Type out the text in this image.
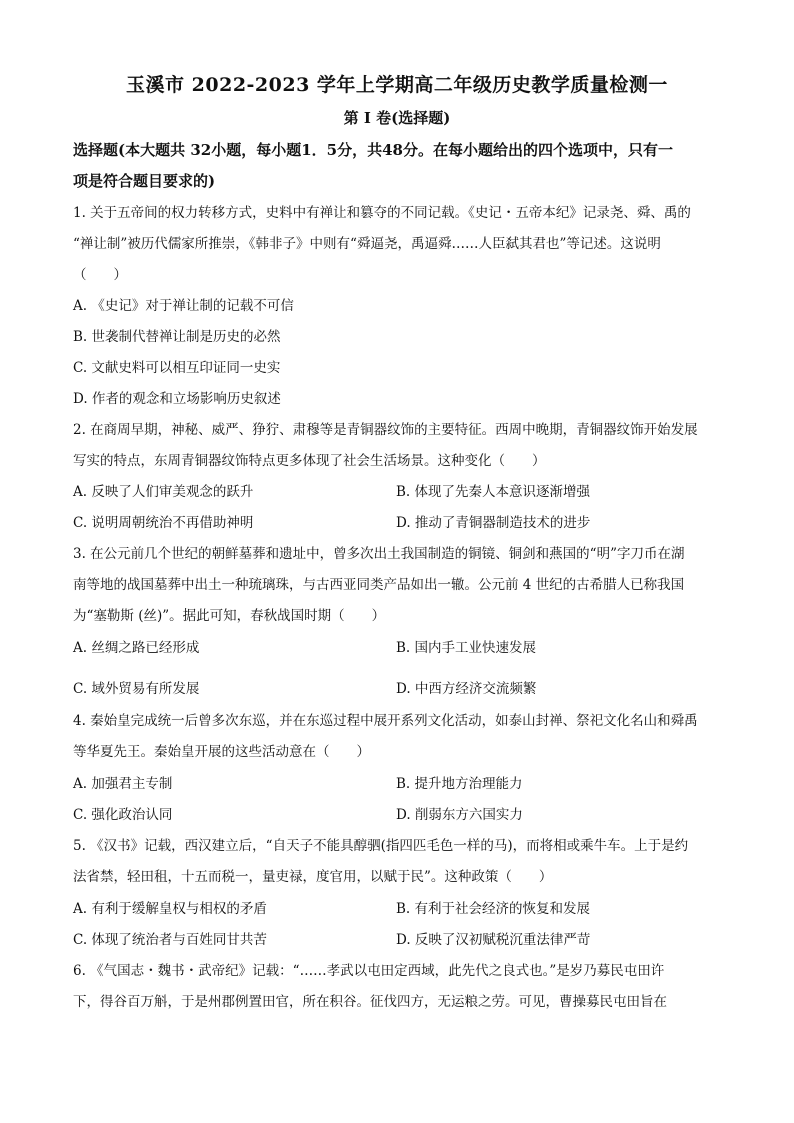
玉溪市 2022-2023 学年上学期高二年级历史教学质量检测一
第 I 卷(选择题)
选择题(本大题共 32小题，每小题1．5分，共48分。在每小题给出的四个选项中，只有一
项是符合题目要求的)
1. 关于五帝间的权力转移方式，史料中有禅让和篡夺的不同记载。《史记・五帝本纪》记录尧、舜、禹的
“禅让制”被历代儒家所推崇，《韩非子》中则有“舜逼尧，禹逼舜……人臣弑其君也”等记述。这说明
（　　）
A. 《史记》对于禅让制的记载不可信
B. 世袭制代替禅让制是历史的必然
C. 文献史料可以相互印证同一史实
D. 作者的观念和立场影响历史叙述
2. 在商周早期，神秘、威严、狰狞、肃穆等是青铜器纹饰的主要特征。西周中晚期，青铜器纹饰开始发展
写实的特点，东周青铜器纹饰特点更多体现了社会生活场景。这种变化（　　）
A. 反映了人们审美观念的跃升	B. 体现了先秦人本意识逐渐增强
C. 说明周朝统治不再借助神明	D. 推动了青铜器制造技术的进步
3. 在公元前几个世纪的朝鲜墓葬和遗址中，曾多次出土我国制造的铜镜、铜剑和燕国的“明”字刀币在湖
南等地的战国墓葬中出土一种琉璃珠，与古西亚同类产品如出一辙。公元前 4 世纪的古希腊人已称我国
为“塞勒斯 (丝)”。据此可知，春秋战国时期（　　）
A. 丝绸之路已经形成	B. 国内手工业快速发展
C. 域外贸易有所发展	D. 中西方经济交流频繁
4. 秦始皇完成统一后曾多次东巡，并在东巡过程中展开系列文化活动，如泰山封禅、祭祀文化名山和舜禹
等华夏先王。秦始皇开展的这些活动意在（　　）
A. 加强君主专制	B. 提升地方治理能力
C. 强化政治认同	D. 削弱东方六国实力
5. 《汉书》记载，西汉建立后，“自天子不能具醇驷(指四匹毛色一样的马)，而将相或乘牛车。上于是约
法省禁，轻田租，十五而税一，量吏禄，度官用，以赋于民”。这种政策（　　）
A. 有利于缓解皇权与相权的矛盾	B. 有利于社会经济的恢复和发展
C. 体现了统治者与百姓同甘共苦	D. 反映了汉初赋税沉重法律严苛
6. 《气国志・魏书・武帝纪》记载：“……孝武以屯田定西域，此先代之良式也。”是岁乃募民屯田许
下，得谷百万斛，于是州郡例置田官，所在积谷。征伐四方，无运粮之劳。可见，曹操募民屯田旨在
